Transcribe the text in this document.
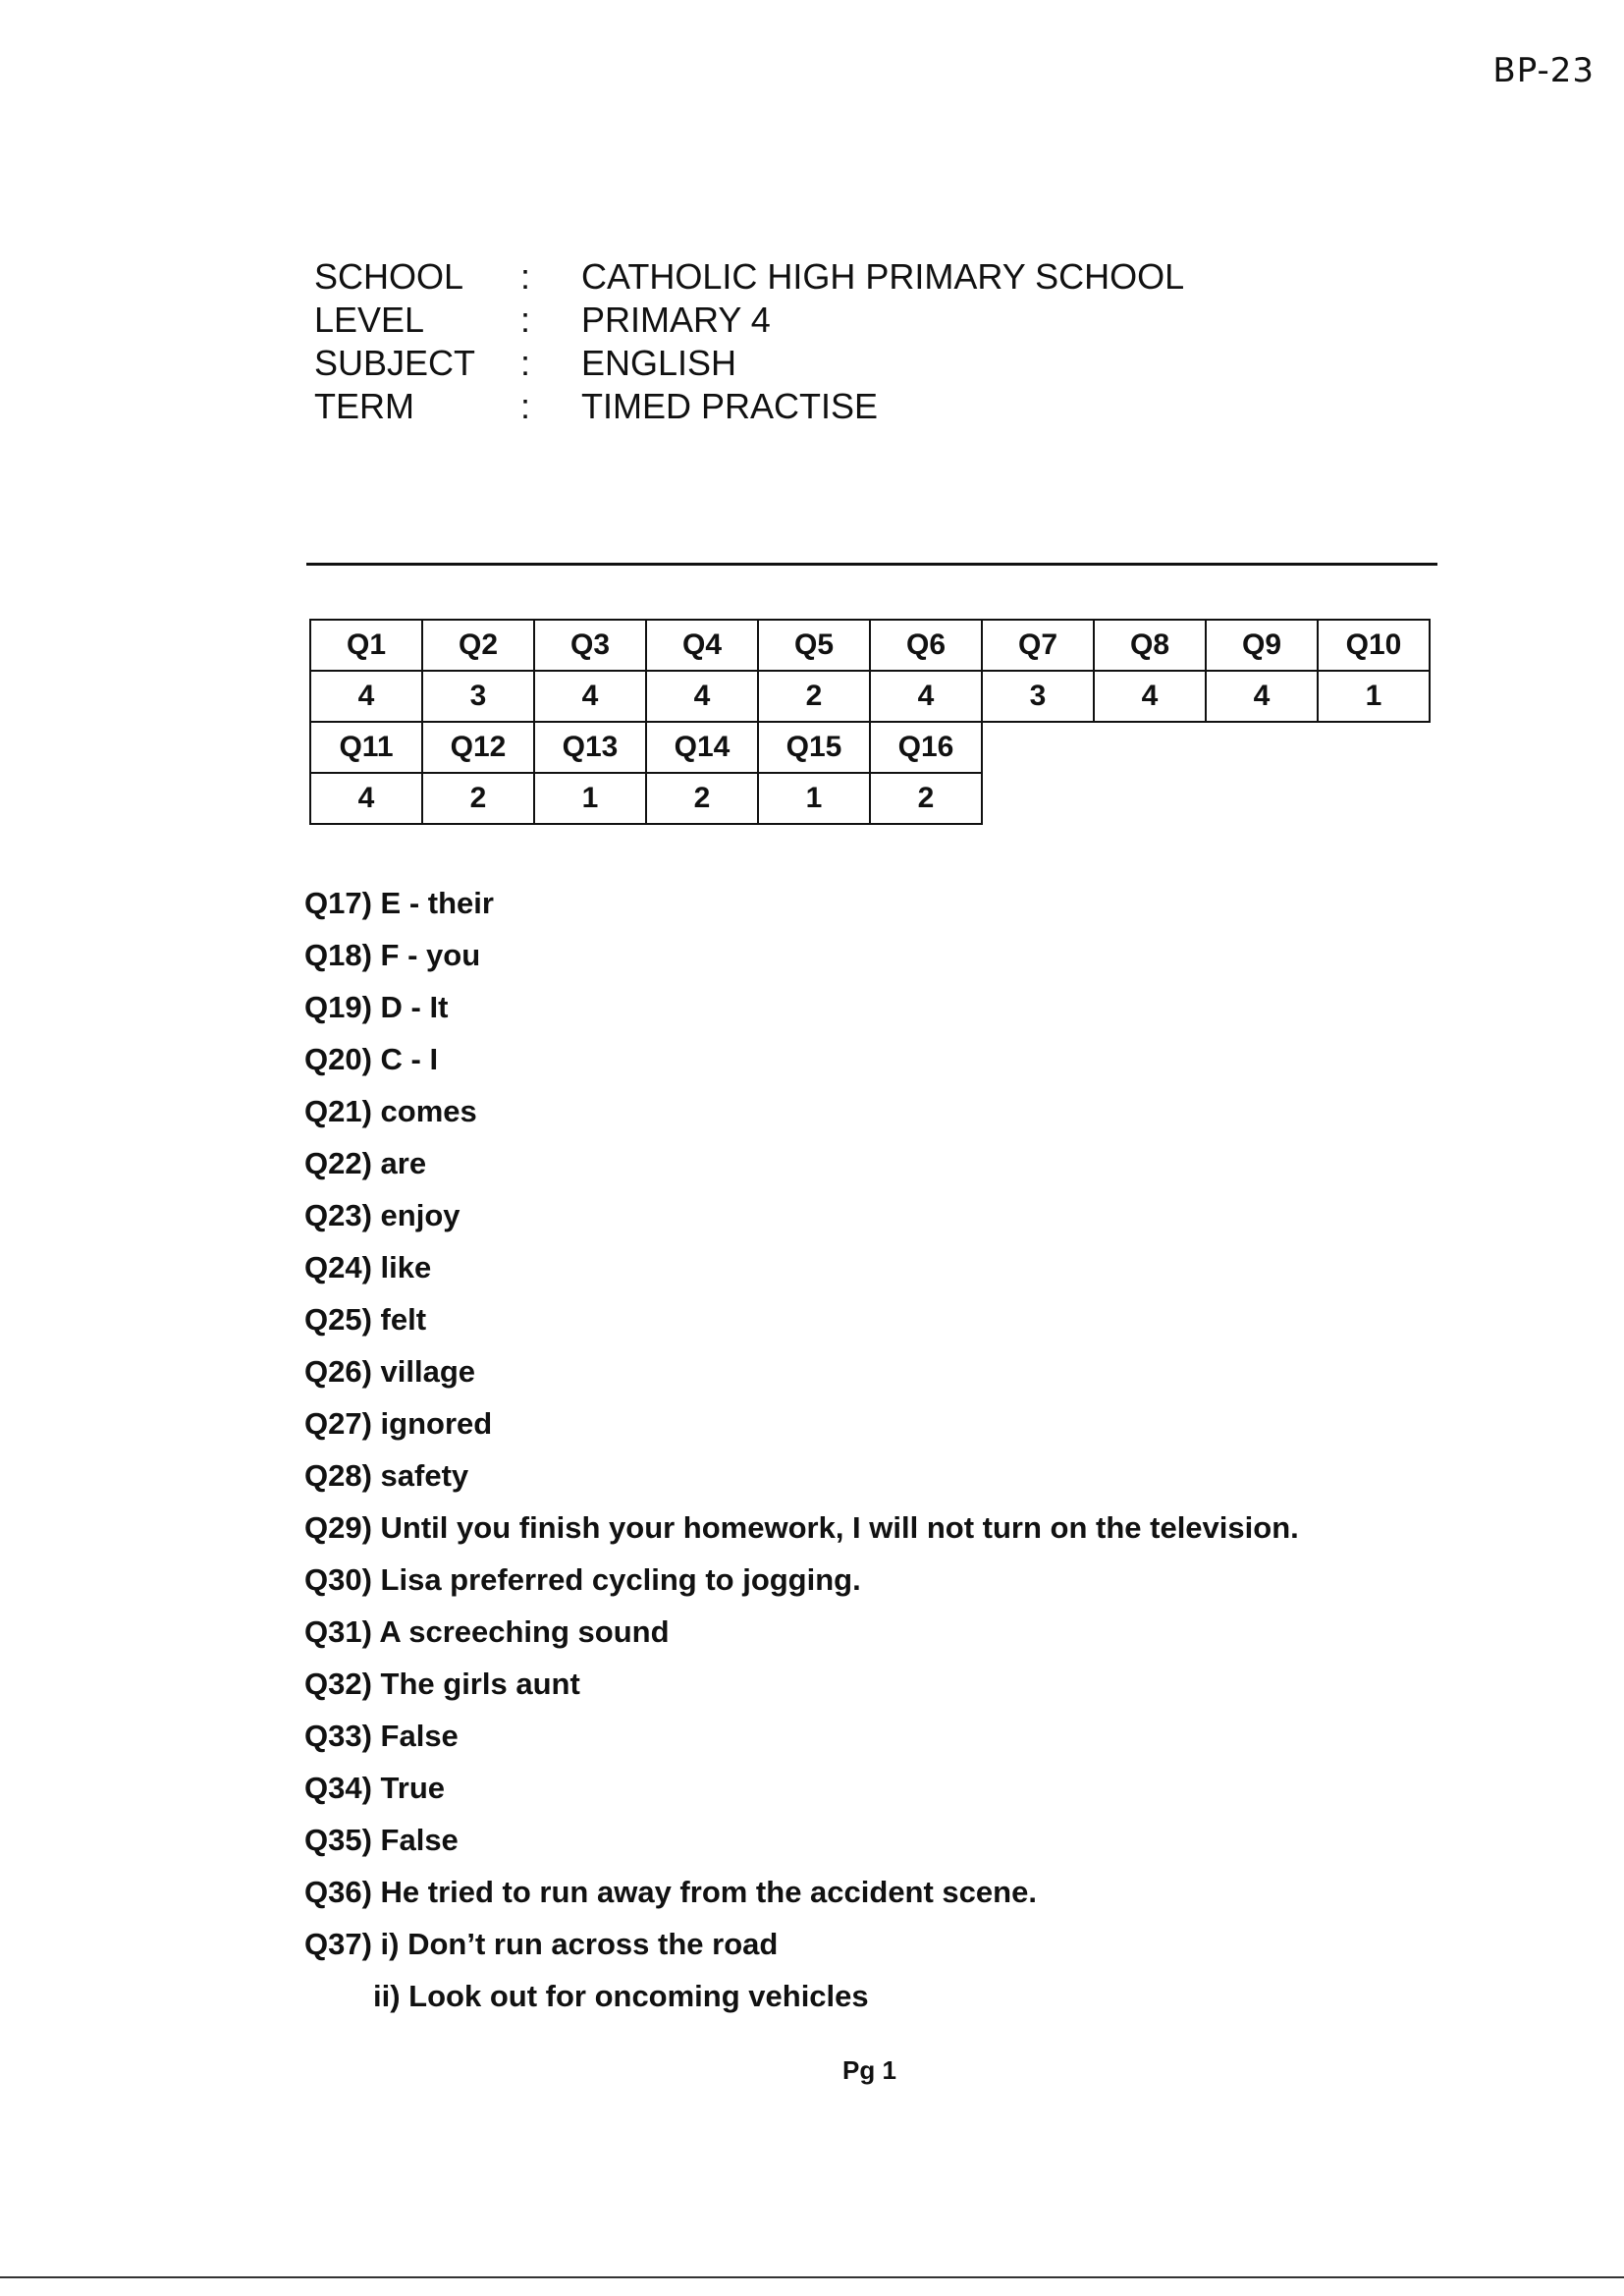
BP-23
SCHOOL	:	CATHOLIC HIGH PRIMARY SCHOOL
LEVEL	:	PRIMARY 4
SUBJECT	:	ENGLISH
TERM	:	TIMED PRACTISE
Q1	Q2	Q3	Q4	Q5	Q6	Q7	Q8	Q9	Q10
4	3	4	4	2	4	3	4	4	1
Q11	Q12	Q13	Q14	Q15	Q16				
4	2	1	2	1	2				
Q17) E - their
Q18) F - you
Q19) D - It
Q20) C - I
Q21) comes
Q22) are
Q23) enjoy
Q24) like
Q25) felt
Q26) village
Q27) ignored
Q28) safety
Q29) Until you finish your homework, I will not turn on the television.
Q30) Lisa preferred cycling to jogging.
Q31) A screeching sound
Q32) The girls aunt
Q33) False
Q34) True
Q35) False
Q36) He tried to run away from the accident scene.
Q37) i) Don’t run across the road
ii) Look out for oncoming vehicles
Pg 1
